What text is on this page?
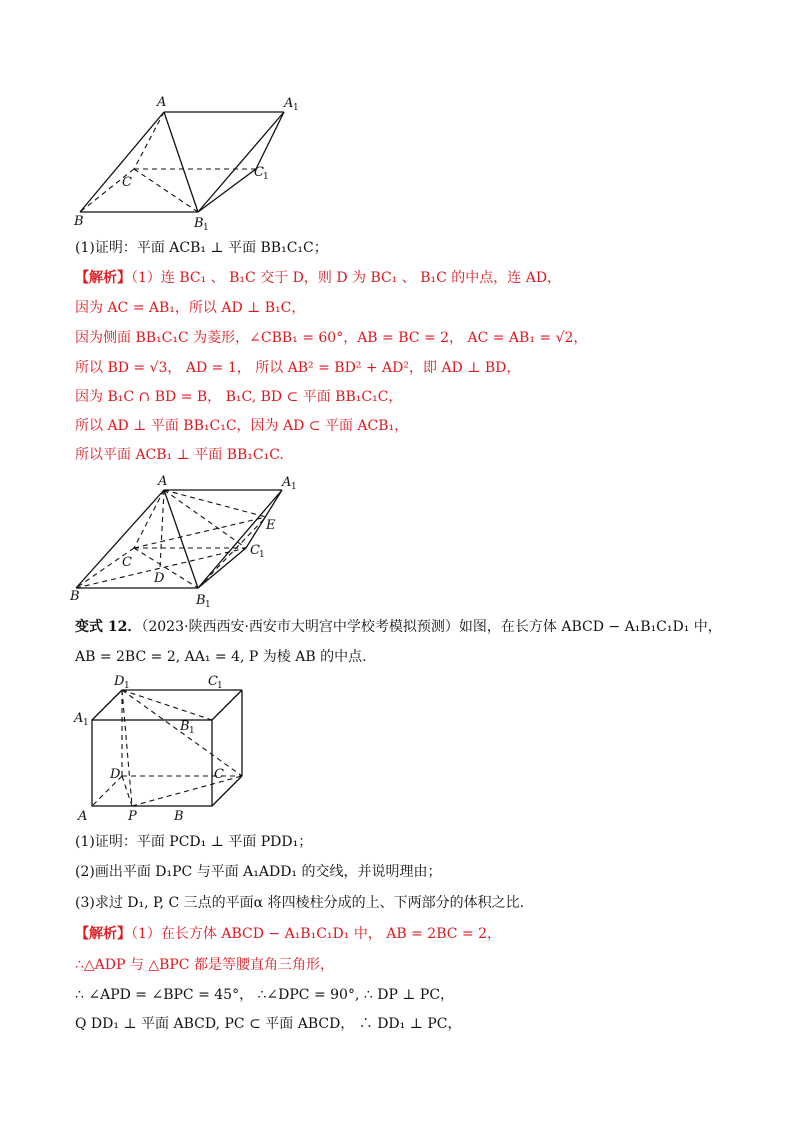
A	A 1
C
C 1
B	B 1
(1)证明：平面 ACB₁ ⊥ 平面 BB₁C₁C；
【解析】（1）连 BC₁ 、 B₁C 交于 D，则 D 为 BC₁ 、 B₁C 的中点，连 AD，
因为 AC = AB₁，所以 AD ⊥ B₁C，
因为侧面 BB₁C₁C 为菱形，∠CBB₁ = 60°，AB = BC = 2， AC = AB₁ = √2，
所以 BD = √3， AD = 1， 所以 AB² = BD² + AD²，即 AD ⊥ BD，
因为 B₁C ∩ BD = B， B₁C, BD ⊂ 平面 BB₁C₁C，
所以 AD ⊥ 平面 BB₁C₁C，因为 AD ⊂ 平面 ACB₁，
所以平面 ACB₁ ⊥ 平面 BB₁C₁C.
A	A 1
E
C 1
C
D
B	B 1
变式 12．（2023·陕西西安·西安市大明宫中学校考模拟预测）如图，在长方体 ABCD − A₁B₁C₁D₁ 中，
AB = 2BC = 2, AA₁ = 4, P 为棱 AB 的中点.
D 1	C 1
A 1	B 1
D	C
A	P	B
(1)证明：平面 PCD₁ ⊥ 平面 PDD₁；
(2)画出平面 D₁PC 与平面 A₁ADD₁ 的交线，并说明理由；
(3)求过 D₁, P, C 三点的平面α 将四棱柱分成的上、下两部分的体积之比.
【解析】（1）在长方体 ABCD − A₁B₁C₁D₁ 中， AB = 2BC = 2，
∴△ADP 与 △BPC 都是等腰直角三角形，
∴ ∠APD = ∠BPC = 45°， ∴∠DPC = 90°, ∴ DP ⊥ PC，
Q DD₁ ⊥ 平面 ABCD, PC ⊂ 平面 ABCD， ∴ DD₁ ⊥ PC，
